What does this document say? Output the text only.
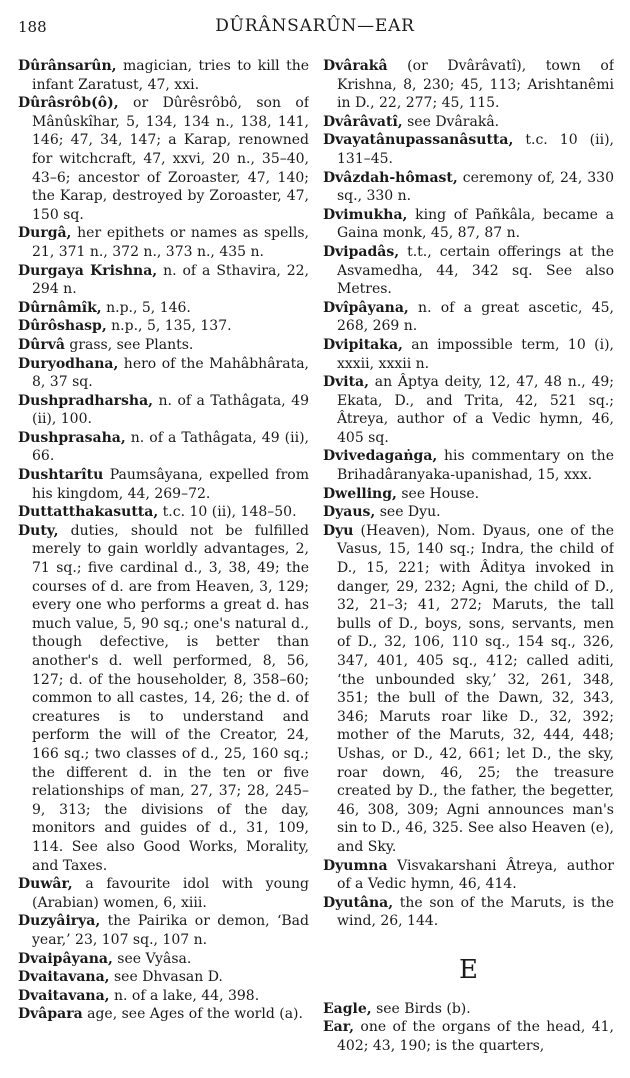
188	DÛRÂNSARÛN—EAR

Dûrânsarûn, magician, tries to kill the infant Zaratust, 47, xxi.

Dûrâsrôb(ô), or Dûrêsrôbô, son of Mânûskîhar, 5, 134, 134 n., 138, 141, 146; 47, 34, 147; a Karap, renowned for witchcraft, 47, xxvi, 20 n., 35–40, 43–6; ancestor of Zoroaster, 47, 140; the Karap, destroyed by Zoroaster, 47, 150 sq.

Durgâ, her epithets or names as spells, 21, 371 n., 372 n., 373 n., 435 n.

Durgaya Krishna, n. of a Sthavira, 22, 294 n.

Dûrnâmîk, n.p., 5, 146.

Dûrôshasp, n.p., 5, 135, 137.

Dûrvâ grass, see Plants.

Duryodhana, hero of the Mahâbhârata, 8, 37 sq.

Dushpradharsha, n. of a Tathâgata, 49 (ii), 100.

Dushprasaha, n. of a Tathâgata, 49 (ii), 66.

Dushtarîtu Paumsâyana, expelled from his kingdom, 44, 269–72.

Duttatthakasutta, t.c. 10 (ii), 148–50.

Duty, duties, should not be fulfilled merely to gain worldly advantages, 2, 71 sq.; five cardinal d., 3, 38, 49; the courses of d. are from Heaven, 3, 129; every one who performs a great d. has much value, 5, 90 sq.; one's natural d., though defective, is better than another's d. well performed, 8, 56, 127; d. of the householder, 8, 358–60; common to all castes, 14, 26; the d. of creatures is to understand and perform the will of the Creator, 24, 166 sq.; two classes of d., 25, 160 sq.; the different d. in the ten or five relationships of man, 27, 37; 28, 245–9, 313; the divisions of the day, monitors and guides of d., 31, 109, 114. See also Good Works, Morality, and Taxes.

Duwâr, a favourite idol with young (Arabian) women, 6, xiii.

Duzyâirya, the Pairika or demon, ‘Bad year,’ 23, 107 sq., 107 n.

Dvaipâyana, see Vyâsa.

Dvaitavana, see Dhvasan D.

Dvaitavana, n. of a lake, 44, 398.

Dvâpara age, see Ages of the world (a).

Dvârakâ (or Dvârâvatî), town of Krishna, 8, 230; 45, 113; Arishtanêmi in D., 22, 277; 45, 115.

Dvârâvatî, see Dvârakâ.

Dvayatânupassanâsutta, t.c. 10 (ii), 131–45.

Dvâzdah-hômast, ceremony of, 24, 330 sq., 330 n.

Dvimukha, king of Pañkâla, became a Gaina monk, 45, 87, 87 n.

Dvipadâs, t.t., certain offerings at the Asvamedha, 44, 342 sq. See also Metres.

Dvîpâyana, n. of a great ascetic, 45, 268, 269 n.

Dvipitaka, an impossible term, 10 (i), xxxii, xxxii n.

Dvita, an Âptya deity, 12, 47, 48 n., 49; Ekata, D., and Trita, 42, 521 sq.; Âtreya, author of a Vedic hymn, 46, 405 sq.

Dvivedagaṅga, his commentary on the Brihadâranyaka-upanishad, 15, xxx.

Dwelling, see House.

Dyaus, see Dyu.

Dyu (Heaven), Nom. Dyaus, one of the Vasus, 15, 140 sq.; Indra, the child of D., 15, 221; with Âditya invoked in danger, 29, 232; Agni, the child of D., 32, 21–3; 41, 272; Maruts, the tall bulls of D., boys, sons, servants, men of D., 32, 106, 110 sq., 154 sq., 326, 347, 401, 405 sq., 412; called aditi, ‘the unbounded sky,’ 32, 261, 348, 351; the bull of the Dawn, 32, 343, 346; Maruts roar like D., 32, 392; mother of the Maruts, 32, 444, 448; Ushas, or D., 42, 661; let D., the sky, roar down, 46, 25; the treasure created by D., the father, the begetter, 46, 308, 309; Agni announces man's sin to D., 46, 325. See also Heaven (e), and Sky.

Dyumna Visvakarshani Âtreya, author of a Vedic hymn, 46, 414.

Dyutâna, the son of the Maruts, is the wind, 26, 144.

E

Eagle, see Birds (b).

Ear, one of the organs of the head, 41, 402; 43, 190; is the quarters,
